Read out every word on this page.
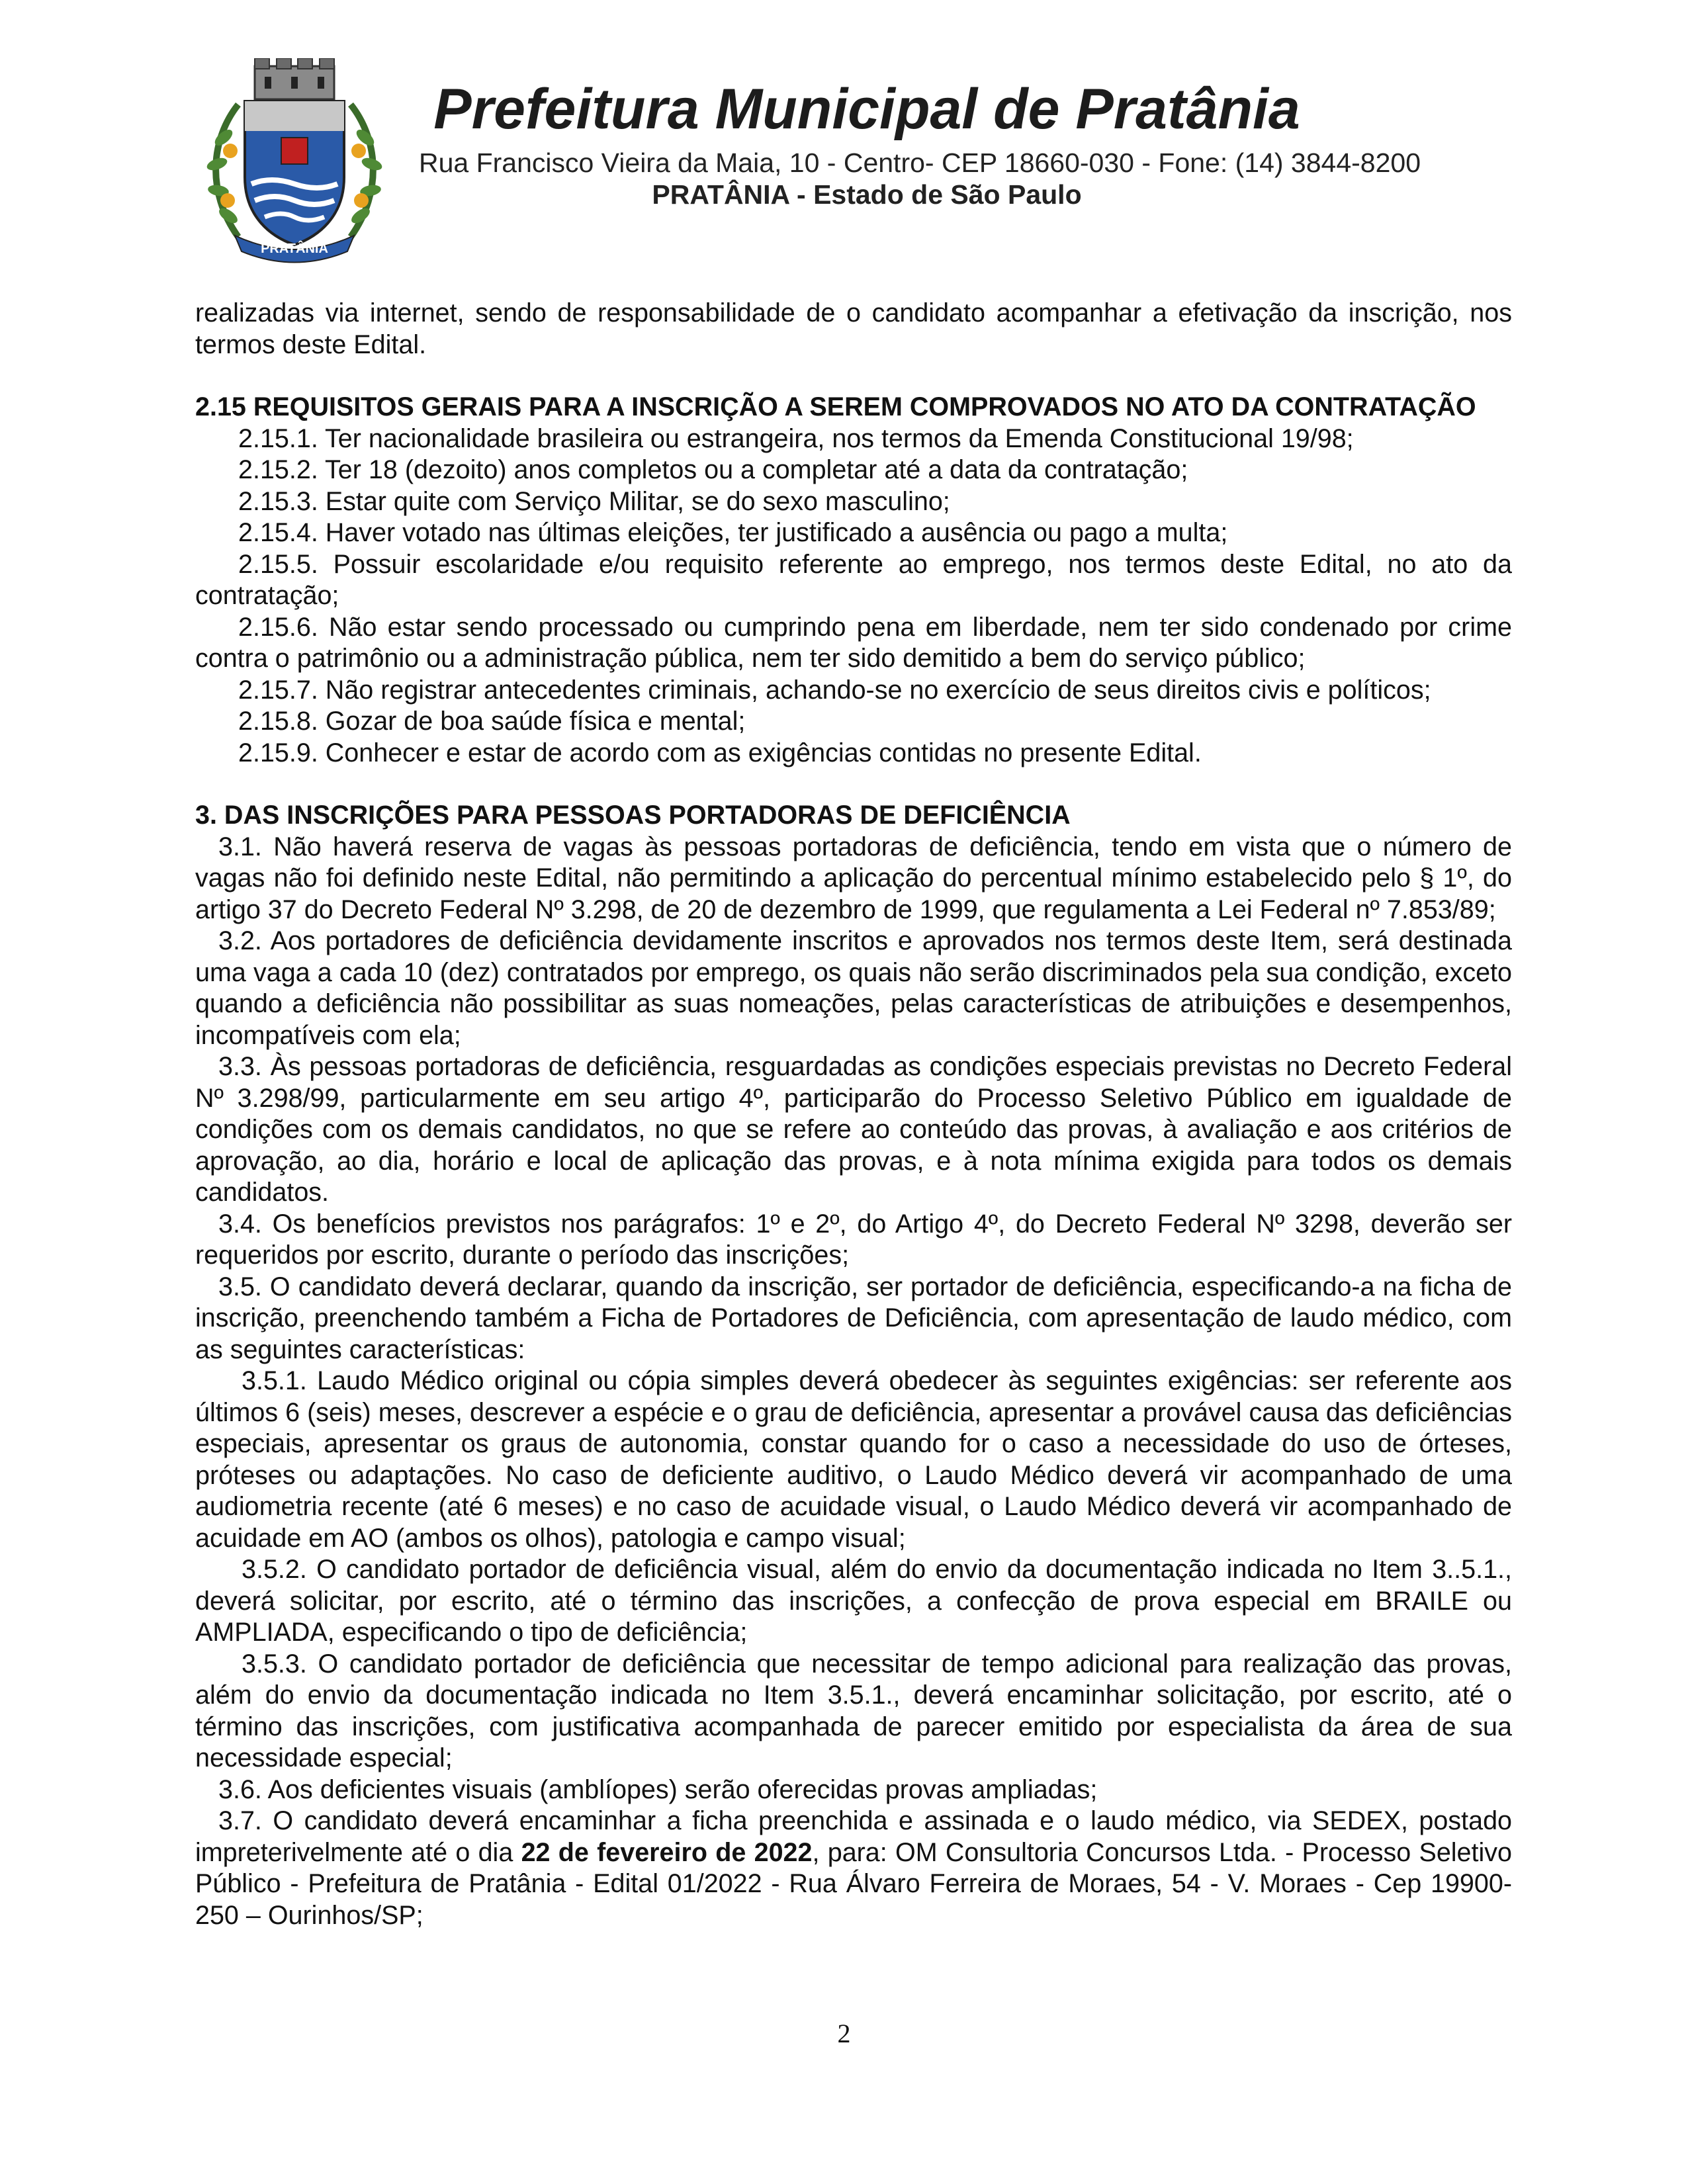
PRATÂNIA
Prefeitura Municipal de Pratânia
Rua Francisco Vieira da Maia, 10 - Centro- CEP 18660-030 - Fone: (14) 3844-8200
PRATÂNIA - Estado de São Paulo

realizadas via internet, sendo de responsabilidade de o candidato acompanhar a efetivação da inscrição, nos termos deste Edital.

2.15 REQUISITOS GERAIS PARA A INSCRIÇÃO A SEREM COMPROVADOS NO ATO DA CONTRATAÇÃO

2.15.1. Ter nacionalidade brasileira ou estrangeira, nos termos da Emenda Constitucional 19/98;

2.15.2. Ter 18 (dezoito) anos completos ou a completar até a data da contratação;

2.15.3. Estar quite com Serviço Militar, se do sexo masculino;

2.15.4. Haver votado nas últimas eleições, ter justificado a ausência ou pago a multa;

2.15.5. Possuir escolaridade e/ou requisito referente ao emprego, nos termos deste Edital, no ato da contratação;

2.15.6. Não estar sendo processado ou cumprindo pena em liberdade, nem ter sido condenado por crime contra o patrimônio ou a administração pública, nem ter sido demitido a bem do serviço público;

2.15.7. Não registrar antecedentes criminais, achando-se no exercício de seus direitos civis e políticos;

2.15.8. Gozar de boa saúde física e mental;

2.15.9. Conhecer e estar de acordo com as exigências contidas no presente Edital.

3. DAS INSCRIÇÕES PARA PESSOAS PORTADORAS DE DEFICIÊNCIA

3.1. Não haverá reserva de vagas às pessoas portadoras de deficiência, tendo em vista que o número de vagas não foi definido neste Edital, não permitindo a aplicação do percentual mínimo estabelecido pelo § 1º, do artigo 37 do Decreto Federal Nº 3.298, de 20 de dezembro de 1999, que regulamenta a Lei Federal nº 7.853/89;

3.2. Aos portadores de deficiência devidamente inscritos e aprovados nos termos deste Item, será destinada uma vaga a cada 10 (dez) contratados por emprego, os quais não serão discriminados pela sua condição, exceto quando a deficiência não possibilitar as suas nomeações, pelas características de atribuições e desempenhos, incompatíveis com ela;

3.3. Às pessoas portadoras de deficiência, resguardadas as condições especiais previstas no Decreto Federal Nº 3.298/99, particularmente em seu artigo 4º, participarão do Processo Seletivo Público em igualdade de condições com os demais candidatos, no que se refere ao conteúdo das provas, à avaliação e aos critérios de aprovação, ao dia, horário e local de aplicação das provas, e à nota mínima exigida para todos os demais candidatos.

3.4. Os benefícios previstos nos parágrafos: 1º e 2º, do Artigo 4º, do Decreto Federal Nº 3298, deverão ser requeridos por escrito, durante o período das inscrições;

3.5. O candidato deverá declarar, quando da inscrição, ser portador de deficiência, especificando-a na ficha de inscrição, preenchendo também a Ficha de Portadores de Deficiência, com apresentação de laudo médico, com as seguintes características:

3.5.1. Laudo Médico original ou cópia simples deverá obedecer às seguintes exigências: ser referente aos últimos 6 (seis) meses, descrever a espécie e o grau de deficiência, apresentar a provável causa das deficiências especiais, apresentar os graus de autonomia, constar quando for o caso a necessidade do uso de órteses, próteses ou adaptações. No caso de deficiente auditivo, o Laudo Médico deverá vir acompanhado de uma audiometria recente (até 6 meses) e no caso de acuidade visual, o Laudo Médico deverá vir acompanhado de acuidade em AO (ambos os olhos), patologia e campo visual;

3.5.2. O candidato portador de deficiência visual, além do envio da documentação indicada no Item 3..5.1., deverá solicitar, por escrito, até o término das inscrições, a confecção de prova especial em BRAILE ou AMPLIADA, especificando o tipo de deficiência;

3.5.3. O candidato portador de deficiência que necessitar de tempo adicional para realização das provas, além do envio da documentação indicada no Item 3.5.1., deverá encaminhar solicitação, por escrito, até o término das inscrições, com justificativa acompanhada de parecer emitido por especialista da área de sua necessidade especial;

3.6. Aos deficientes visuais (amblíopes) serão oferecidas provas ampliadas;

3.7. O candidato deverá encaminhar a ficha preenchida e assinada e o laudo médico, via SEDEX, postado impreterivelmente até o dia 22 de fevereiro de 2022, para: OM Consultoria Concursos Ltda. - Processo Seletivo Público - Prefeitura de Pratânia - Edital 01/2022 - Rua Álvaro Ferreira de Moraes, 54 - V. Moraes - Cep 19900-250 – Ourinhos/SP;

2
